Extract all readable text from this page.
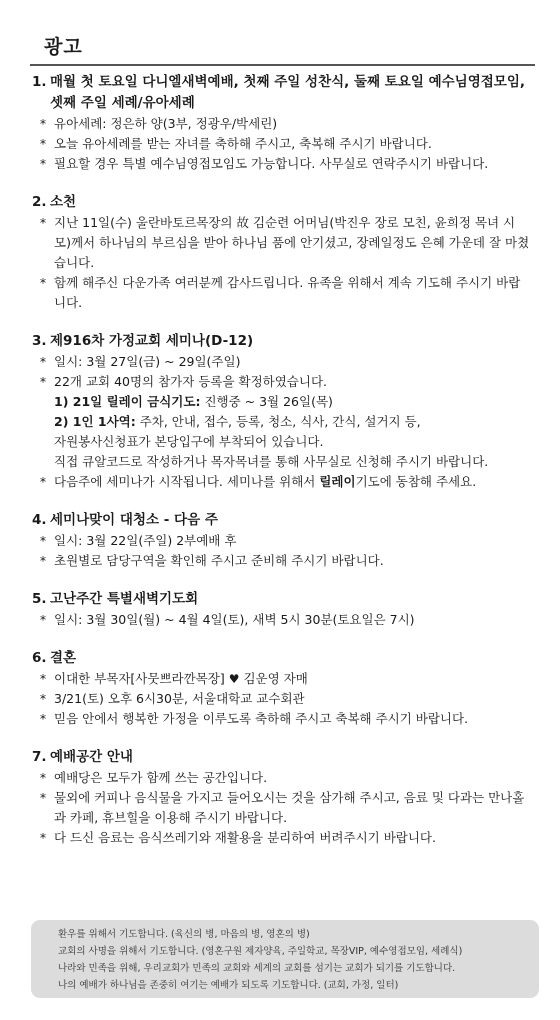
광고
1. 매월 첫 토요일 다니엘새벽예배, 첫째 주일 성찬식, 둘째 토요일 예수님영접모임, 셋째 주일 세례/유아세례
* 유아세례: 정은하 양(3부, 정광우/박세린)
* 오늘 유아세례를 받는 자녀를 축하해 주시고, 축복해 주시기 바랍니다.
* 필요할 경우 특별 예수님영접모임도 가능합니다. 사무실로 연락주시기 바랍니다.
2. 소천
* 지난 11일(수) 울란바토르목장의 故 김순련 어머님(박진우 장로 모친, 윤희정 목녀 시모)께서 하나님의 부르심을 받아 하나님 품에 안기셨고, 장례일정도 은혜 가운데 잘 마쳤습니다.
* 함께 해주신 다운가족 여러분께 감사드립니다. 유족을 위해서 계속 기도해 주시기 바랍니다.
3. 제916차 가정교회 세미나(D-12)
* 일시: 3월 27일(금) ~ 29일(주일)
* 22개 교회 40명의 참가자 등록을 확정하였습니다.
1) 21일 릴레이 금식기도: 진행중 ~ 3월 26일(목)
2) 1인 1사역: 주차, 안내, 접수, 등록, 청소, 식사, 간식, 설거지 등,
자원봉사신청표가 본당입구에 부착되어 있습니다.
직접 큐알코드로 작성하거나 목자목녀를 통해 사무실로 신청해 주시기 바랍니다.
* 다음주에 세미나가 시작됩니다. 세미나를 위해서 릴레이기도에 동참해 주세요.
4. 세미나맞이 대청소 - 다음 주
* 일시: 3월 22일(주일) 2부예배 후
* 초원별로 담당구역을 확인해 주시고 준비해 주시기 바랍니다.
5. 고난주간 특별새벽기도회
* 일시: 3월 30일(월) ~ 4월 4일(토), 새벽 5시 30분(토요일은 7시)
6. 결혼
* 이대한 부목자[사뭇쁘라깐목장] ♥ 김운영 자매
* 3/21(토) 오후 6시30분, 서울대학교 교수회관
* 믿음 안에서 행복한 가정을 이루도록 축하해 주시고 축복해 주시기 바랍니다.
7. 예배공간 안내
* 예배당은 모두가 함께 쓰는 공간입니다.
* 물외에 커피나 음식물을 가지고 들어오시는 것을 삼가해 주시고, 음료 및 다과는 만나홀과 카페, 휴브힐을 이용해 주시기 바랍니다.
* 다 드신 음료는 음식쓰레기와 재활용을 분리하여 버려주시기 바랍니다.
환우를 위해서 기도합니다. (육신의 병, 마음의 병, 영혼의 병)
교회의 사명을 위해서 기도합니다. (영혼구원 제자양육, 주일학교, 목장VIP, 예수영접모임, 세례식)
나라와 민족을 위해, 우리교회가 민족의 교회와 세계의 교회를 섬기는 교회가 되기를 기도합니다.
나의 예배가 하나님을 존중히 여기는 예배가 되도록 기도합니다. (교회, 가정, 일터)
